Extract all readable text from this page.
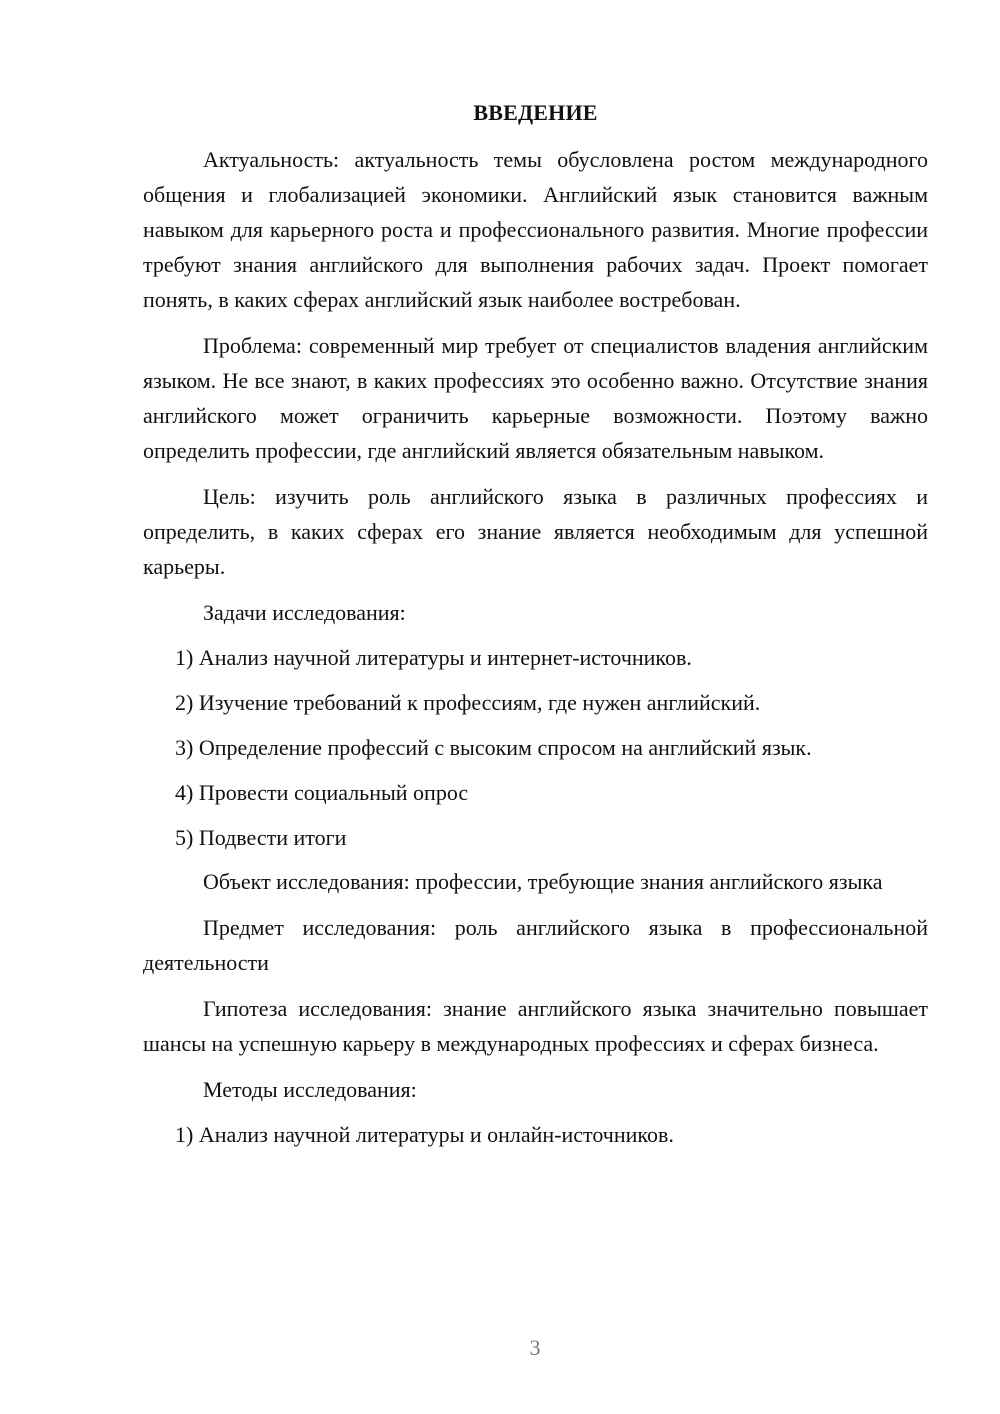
ВВЕДЕНИЕ

Актуальность: актуальность темы обусловлена ростом международного общения и глобализацией экономики. Английский язык становится важным навыком для карьерного роста и профессионального развития. Многие профессии требуют знания английского для выполнения рабочих задач. Проект помогает понять, в каких сферах английский язык наиболее востребован.

Проблема: современный мир требует от специалистов владения английским языком. Не все знают, в каких профессиях это особенно важно. Отсутствие знания английского может ограничить карьерные возможности. Поэтому важно определить профессии, где английский является обязательным навыком.

Цель: изучить роль английского языка в различных профессиях и определить, в каких сферах его знание является необходимым для успешной карьеры.

Задачи исследования:

1) Анализ научной литературы и интернет-источников.

2) Изучение требований к профессиям, где нужен английский.

3) Определение профессий с высоким спросом на английский язык.

4) Провести социальный опрос

5) Подвести итоги

Объект исследования: профессии, требующие знания английского языка

Предмет исследования: роль английского языка в профессиональной деятельности

Гипотеза исследования: знание английского языка значительно повышает шансы на успешную карьеру в международных профессиях и сферах бизнеса.

Методы исследования:

1) Анализ научной литературы и онлайн-источников.

3
